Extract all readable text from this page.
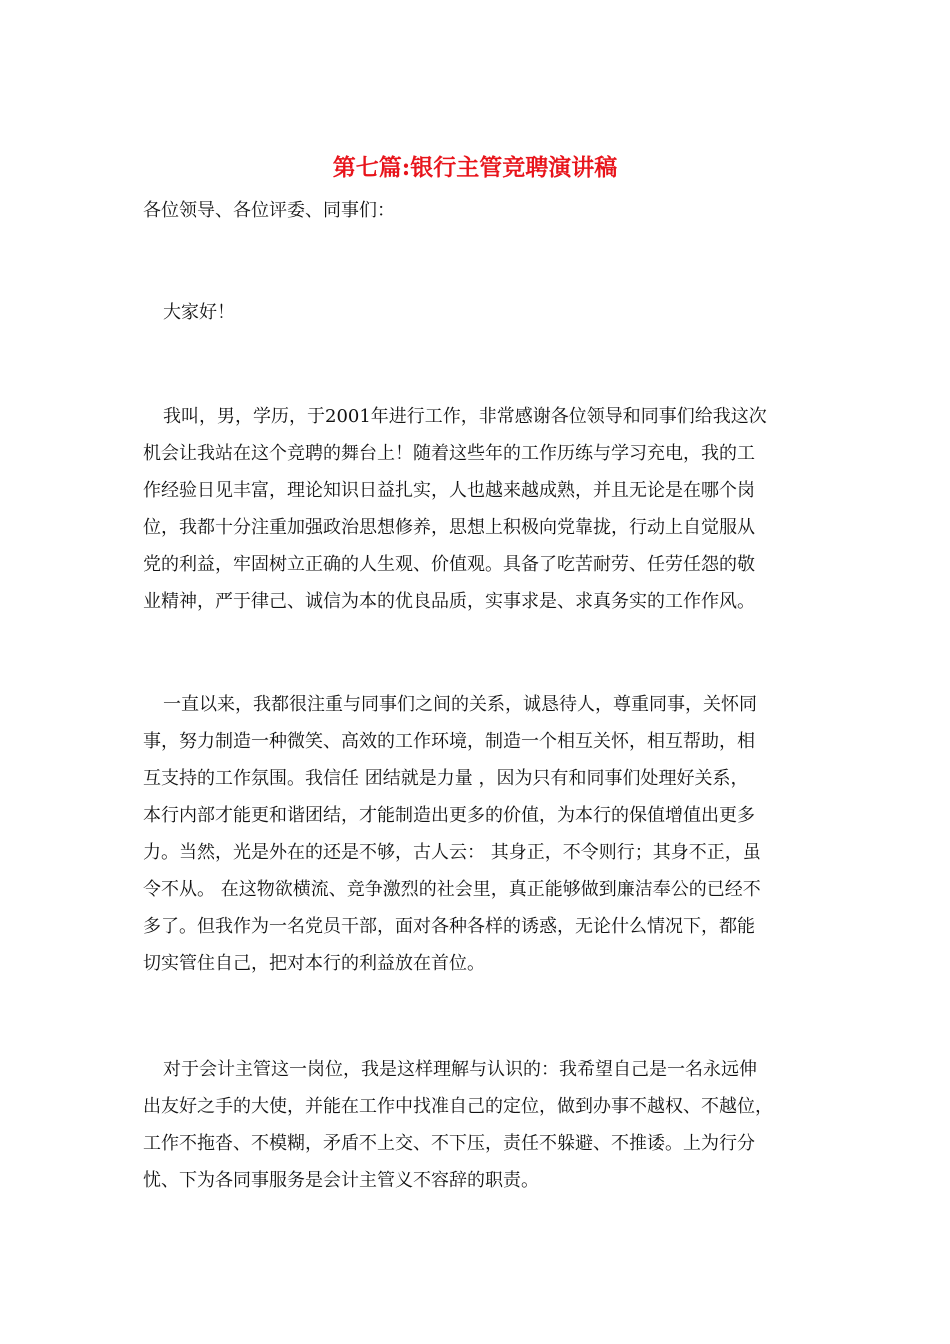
第七篇:银行主管竞聘演讲稿

各位领导、各位评委、同事们：

大家好！

我叫，男，学历，于2001年进行工作，非常感谢各位领导和同事们给我这次

机会让我站在这个竞聘的舞台上！随着这些年的工作历练与学习充电，我的工

作经验日见丰富，理论知识日益扎实，人也越来越成熟，并且无论是在哪个岗

位，我都十分注重加强政治思想修养，思想上积极向党靠拢，行动上自觉服从

党的利益，牢固树立正确的人生观、价值观。具备了吃苦耐劳、任劳任怨的敬

业精神，严于律己、诚信为本的优良品质，实事求是、求真务实的工作作风。

一直以来，我都很注重与同事们之间的关系，诚恳待人，尊重同事，关怀同

事，努力制造一种微笑、高效的工作环境，制造一个相互关怀，相互帮助，相

互支持的工作氛围。我信任 团结就是力量 ，因为只有和同事们处理好关系，

本行内部才能更和谐团结，才能制造出更多的价值，为本行的保值增值出更多

力。当然，光是外在的还是不够，古人云： 其身正，不令则行；其身不正，虽

令不从。 在这物欲横流、竞争激烈的社会里，真正能够做到廉洁奉公的已经不

多了。但我作为一名党员干部，面对各种各样的诱惑，无论什么情况下，都能

切实管住自己，把对本行的利益放在首位。

对于会计主管这一岗位，我是这样理解与认识的：我希望自己是一名永远伸

出友好之手的大使，并能在工作中找准自己的定位，做到办事不越权、不越位，

工作不拖沓、不模糊，矛盾不上交、不下压，责任不躲避、不推诿。上为行分

忧、下为各同事服务是会计主管义不容辞的职责。
